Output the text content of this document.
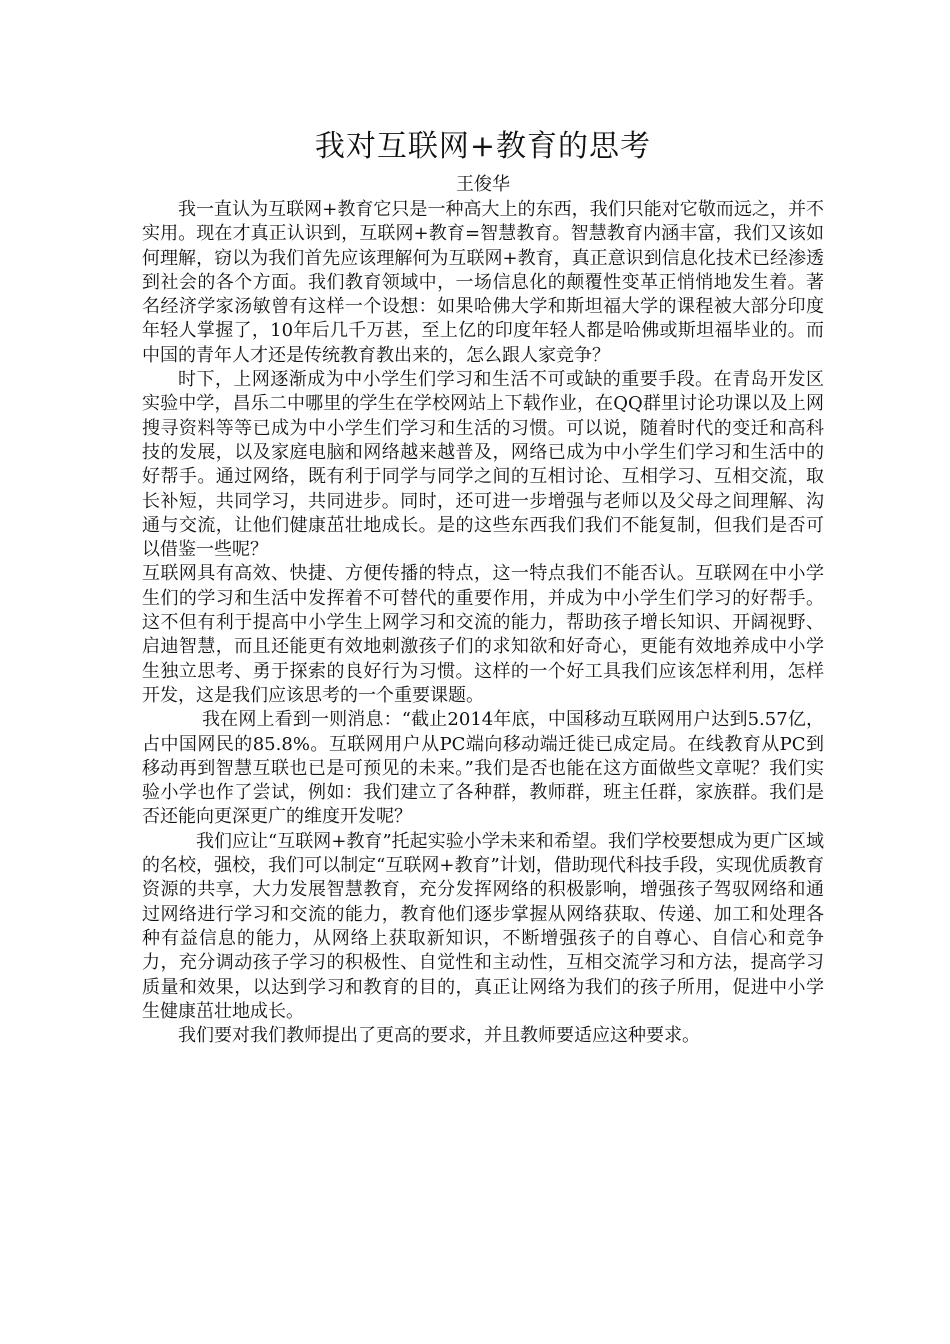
我对互联网+教育的思考

王俊华

我一直认为互联网+教育它只是一种高大上的东西，我们只能对它敬而远之，并不实用。现在才真正认识到，互联网+教育=智慧教育。智慧教育内涵丰富，我们又该如何理解，窃以为我们首先应该理解何为互联网+教育，真正意识到信息化技术已经渗透到社会的各个方面。我们教育领域中，一场信息化的颠覆性变革正悄悄地发生着。著名经济学家汤敏曾有这样一个设想：如果哈佛大学和斯坦福大学的课程被大部分印度年轻人掌握了，10年后几千万甚，至上亿的印度年轻人都是哈佛或斯坦福毕业的。而中国的青年人才还是传统教育教出来的，怎么跟人家竞争？

时下，上网逐渐成为中小学生们学习和生活不可或缺的重要手段。在青岛开发区实验中学，昌乐二中哪里的学生在学校网站上下载作业，在QQ群里讨论功课以及上网搜寻资料等等已成为中小学生们学习和生活的习惯。可以说，随着时代的变迁和高科技的发展，以及家庭电脑和网络越来越普及，网络已成为中小学生们学习和生活中的好帮手。通过网络，既有利于同学与同学之间的互相讨论、互相学习、互相交流，取长补短，共同学习，共同进步。同时，还可进一步增强与老师以及父母之间理解、沟通与交流，让他们健康茁壮地成长。是的这些东西我们我们不能复制，但我们是否可以借鉴一些呢？

互联网具有高效、快捷、方便传播的特点，这一特点我们不能否认。互联网在中小学生们的学习和生活中发挥着不可替代的重要作用，并成为中小学生们学习的好帮手。这不但有利于提高中小学生上网学习和交流的能力，帮助孩子增长知识、开阔视野、启迪智慧，而且还能更有效地刺激孩子们的求知欲和好奇心，更能有效地养成中小学生独立思考、勇于探索的良好行为习惯。这样的一个好工具我们应该怎样利用，怎样开发，这是我们应该思考的一个重要课题。

我在网上看到一则消息：“截止2014年底，中国移动互联网用户达到5.57亿，占中国网民的85.8%。互联网用户从PC端向移动端迁徙已成定局。在线教育从PC到移动再到智慧互联也已是可预见的未来。”我们是否也能在这方面做些文章呢？我们实验小学也作了尝试，例如：我们建立了各种群，教师群，班主任群，家族群。我们是否还能向更深更广的维度开发呢？

我们应让“互联网+教育”托起实验小学未来和希望。我们学校要想成为更广区域的名校，强校，我们可以制定“互联网+教育”计划，借助现代科技手段，实现优质教育资源的共享，大力发展智慧教育，充分发挥网络的积极影响，增强孩子驾驭网络和通过网络进行学习和交流的能力，教育他们逐步掌握从网络获取、传递、加工和处理各种有益信息的能力，从网络上获取新知识，不断增强孩子的自尊心、自信心和竞争力，充分调动孩子学习的积极性、自觉性和主动性，互相交流学习和方法，提高学习质量和效果，以达到学习和教育的目的，真正让网络为我们的孩子所用，促进中小学生健康茁壮地成长。

我们要对我们教师提出了更高的要求，并且教师要适应这种要求。
